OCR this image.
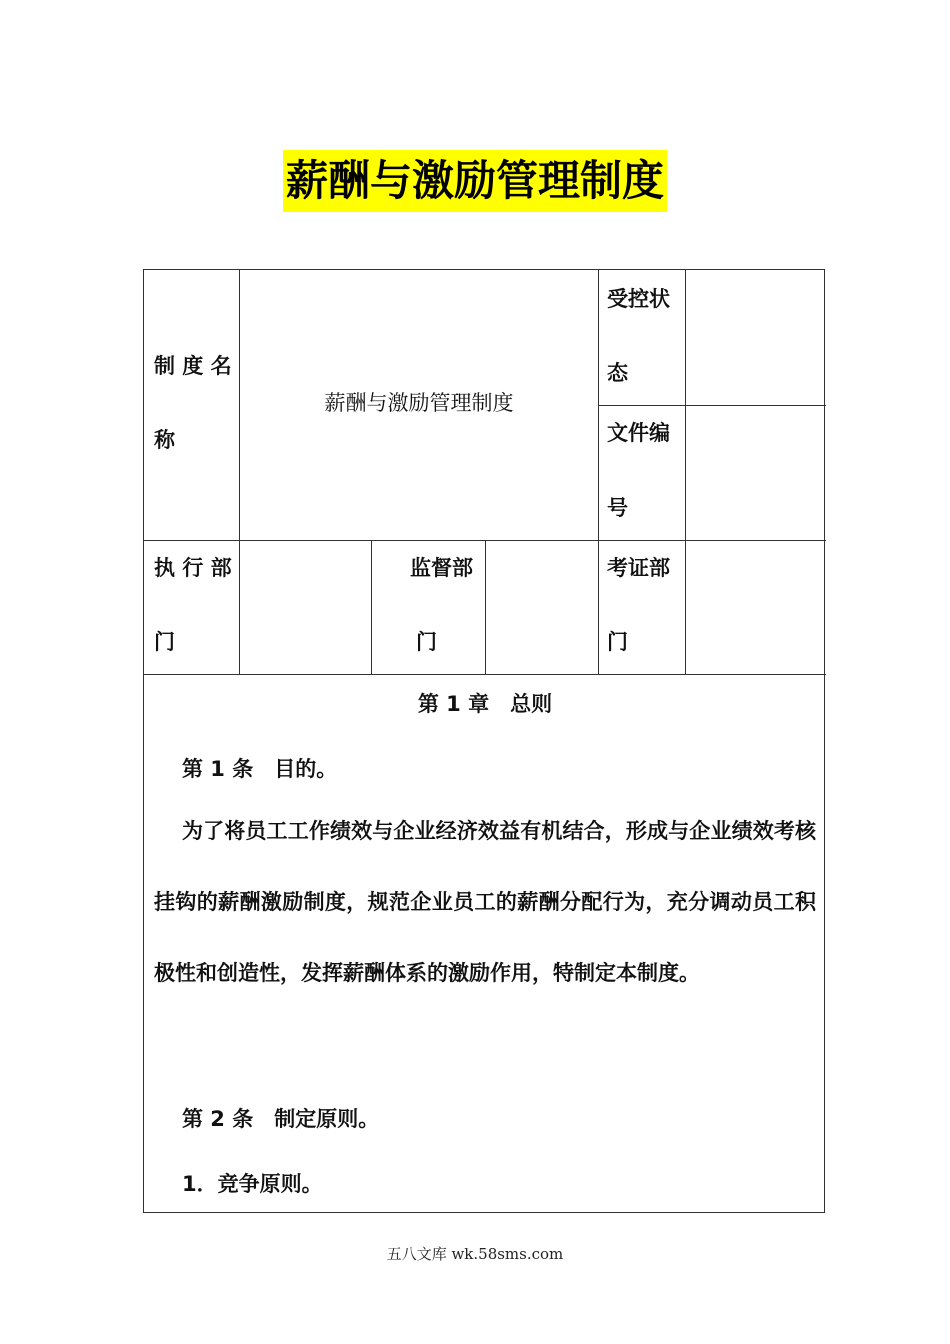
薪酬与激励管理制度
制 度 名
称
薪酬与激励管理制度
受控状
态
文件编
号
执 行 部
门
监督部
门
考证部
门
第 1 章　总则
第 1 条　目的。
为了将员工工作绩效与企业经济效益有机结合，形成与企业绩效考核挂钩的薪酬激励制度，规范企业员工的薪酬分配行为，充分调动员工积极性和创造性，发挥薪酬体系的激励作用，特制定本制度。
第 2 条　制定原则。
1．竞争原则。
五八文库 wk.58sms.com
